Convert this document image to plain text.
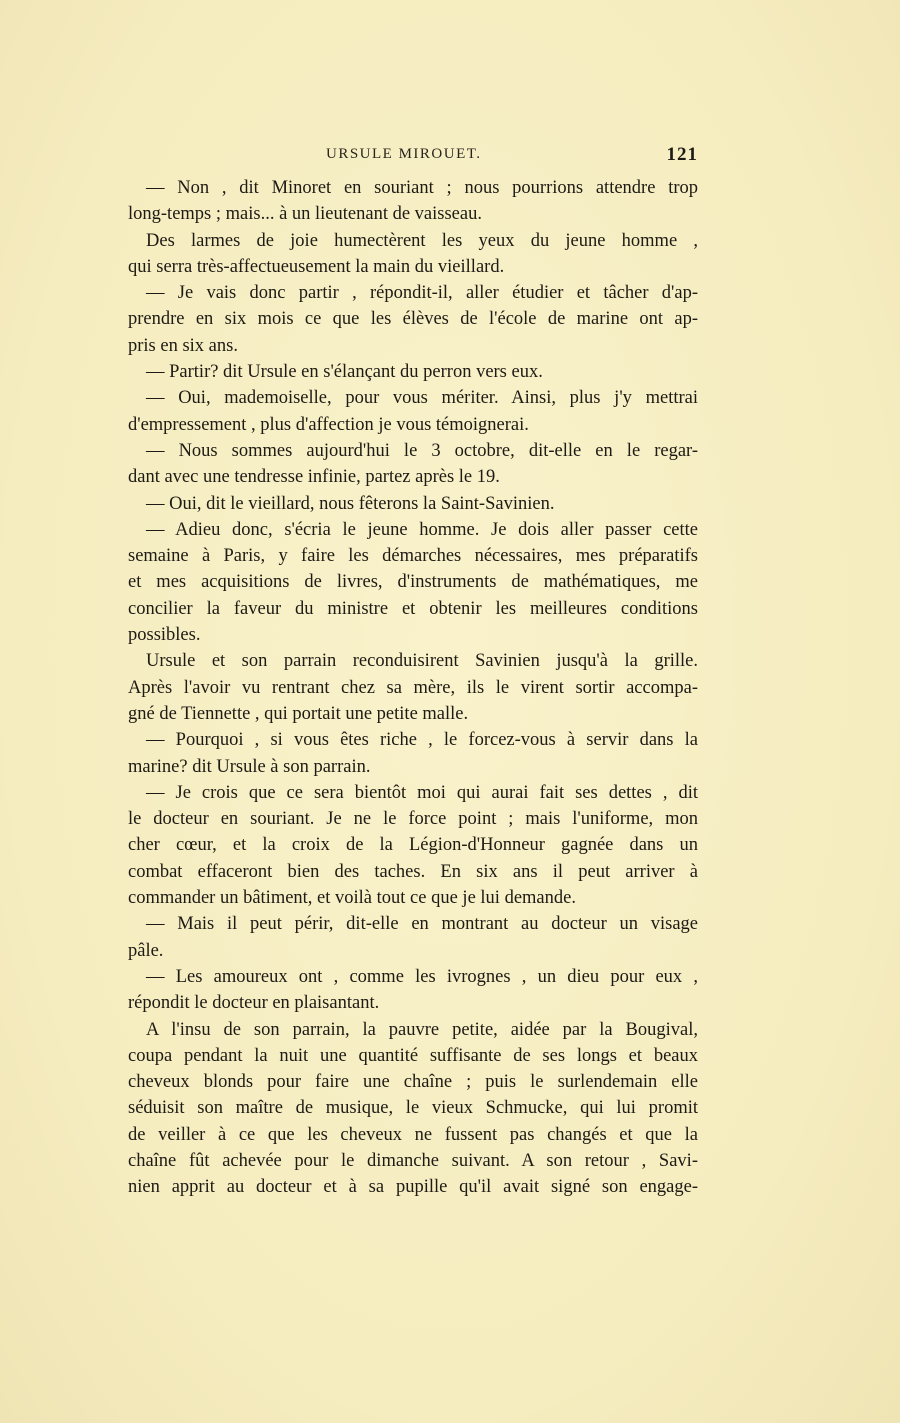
URSULE MIROUET.	121
— Non , dit Minoret en souriant ; nous pourrions attendre trop
long-temps ; mais... à un lieutenant de vaisseau.
Des larmes de joie humectèrent les yeux du jeune homme ,
qui serra très-affectueusement la main du vieillard.
— Je vais donc partir , répondit-il, aller étudier et tâcher d'ap-
prendre en six mois ce que les élèves de l'école de marine ont ap-
pris en six ans.
— Partir? dit Ursule en s'élançant du perron vers eux.
— Oui, mademoiselle, pour vous mériter. Ainsi, plus j'y mettrai
d'empressement , plus d'affection je vous témoignerai.
— Nous sommes aujourd'hui le 3 octobre, dit-elle en le regar-
dant avec une tendresse infinie, partez après le 19.
— Oui, dit le vieillard, nous fêterons la Saint-Savinien.
— Adieu donc, s'écria le jeune homme. Je dois aller passer cette
semaine à Paris, y faire les démarches nécessaires, mes préparatifs
et mes acquisitions de livres, d'instruments de mathématiques, me
concilier la faveur du ministre et obtenir les meilleures conditions
possibles.
Ursule et son parrain reconduisirent Savinien jusqu'à la grille.
Après l'avoir vu rentrant chez sa mère, ils le virent sortir accompa-
gné de Tiennette , qui portait une petite malle.
— Pourquoi , si vous êtes riche , le forcez-vous à servir dans la
marine? dit Ursule à son parrain.
— Je crois que ce sera bientôt moi qui aurai fait ses dettes , dit
le docteur en souriant. Je ne le force point ; mais l'uniforme, mon
cher cœur, et la croix de la Légion-d'Honneur gagnée dans un
combat effaceront bien des taches. En six ans il peut arriver à
commander un bâtiment, et voilà tout ce que je lui demande.
— Mais il peut périr, dit-elle en montrant au docteur un visage
pâle.
— Les amoureux ont , comme les ivrognes , un dieu pour eux ,
répondit le docteur en plaisantant.
A l'insu de son parrain, la pauvre petite, aidée par la Bougival,
coupa pendant la nuit une quantité suffisante de ses longs et beaux
cheveux blonds pour faire une chaîne ; puis le surlendemain elle
séduisit son maître de musique, le vieux Schmucke, qui lui promit
de veiller à ce que les cheveux ne fussent pas changés et que la
chaîne fût achevée pour le dimanche suivant. A son retour , Savi-
nien apprit au docteur et à sa pupille qu'il avait signé son engage-
